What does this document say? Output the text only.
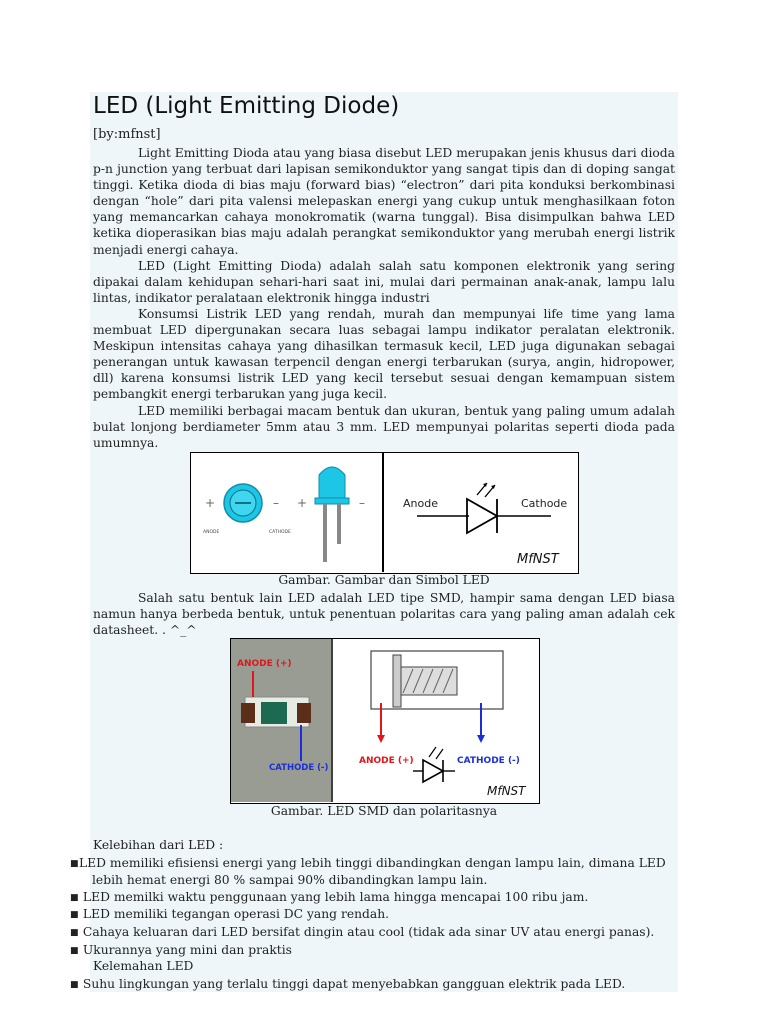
LED (Light Emitting Diode)
[by:mfnst]

Light Emitting Dioda atau yang biasa disebut LED merupakan jenis khusus dari dioda p-n junction yang terbuat dari lapisan semikonduktor yang sangat tipis dan di doping sangat tinggi. Ketika dioda di bias maju (forward bias) “electron” dari pita konduksi berkombinasi dengan “hole” dari pita valensi melepaskan energi yang cukup untuk menghasilkaan foton yang memancarkan cahaya monokromatik (warna tunggal). Bisa disimpulkan bahwa LED ketika dioperasikan bias maju adalah perangkat semikonduktor yang merubah energi listrik menjadi energi cahaya.

LED (Light Emitting Dioda) adalah salah satu komponen elektronik yang sering dipakai dalam kehidupan sehari-hari saat ini, mulai dari permainan anak-anak, lampu lalu lintas, indikator peralataan elektronik hingga industri

Konsumsi Listrik LED yang rendah, murah dan mempunyai life time yang lama membuat LED dipergunakan secara luas sebagai lampu indikator peralatan elektronik. Meskipun intensitas cahaya yang dihasilkan termasuk kecil, LED juga digunakan sebagai penerangan untuk kawasan terpencil dengan energi terbarukan (surya, angin, hidropower, dll) karena konsumsi listrik LED yang kecil tersebut sesuai dengan kemampuan sistem pembangkit energi terbarukan yang juga kecil.

LED memiliki berbagai macam bentuk dan ukuran, bentuk yang paling umum adalah bulat lonjong berdiameter 5mm atau 3 mm. LED mempunyai polaritas seperti dioda pada umumnya.

+	–
ANODE	CATHODE
+	–	Anode	Cathode
MfNST
Gambar. Gambar dan Simbol LED

Salah satu bentuk lain LED adalah LED tipe SMD, hampir sama dengan LED biasa namun hanya berbeda bentuk, untuk penentuan polaritas cara yang paling aman adalah cek datasheet. . ^_^

ANODE (+)
CATHODE (-)
ANODE (+)	CATHODE (-)
MfNST
Gambar. LED SMD dan polaritasnya
Kelebihan dari LED :
■LED memiliki efisiensi energi yang lebih tinggi dibandingkan dengan lampu lain, dimana LED
lebih hemat energi 80 % sampai 90% dibandingkan lampu lain.
■ LED memilki waktu penggunaan yang lebih lama hingga mencapai 100 ribu jam.
■ LED memiliki tegangan operasi DC yang rendah.
■ Cahaya keluaran dari LED bersifat dingin atau cool (tidak ada sinar UV atau energi panas).
■ Ukurannya yang mini dan praktis
Kelemahan LED
■ Suhu lingkungan yang terlalu tinggi dapat menyebabkan gangguan elektrik pada LED.
